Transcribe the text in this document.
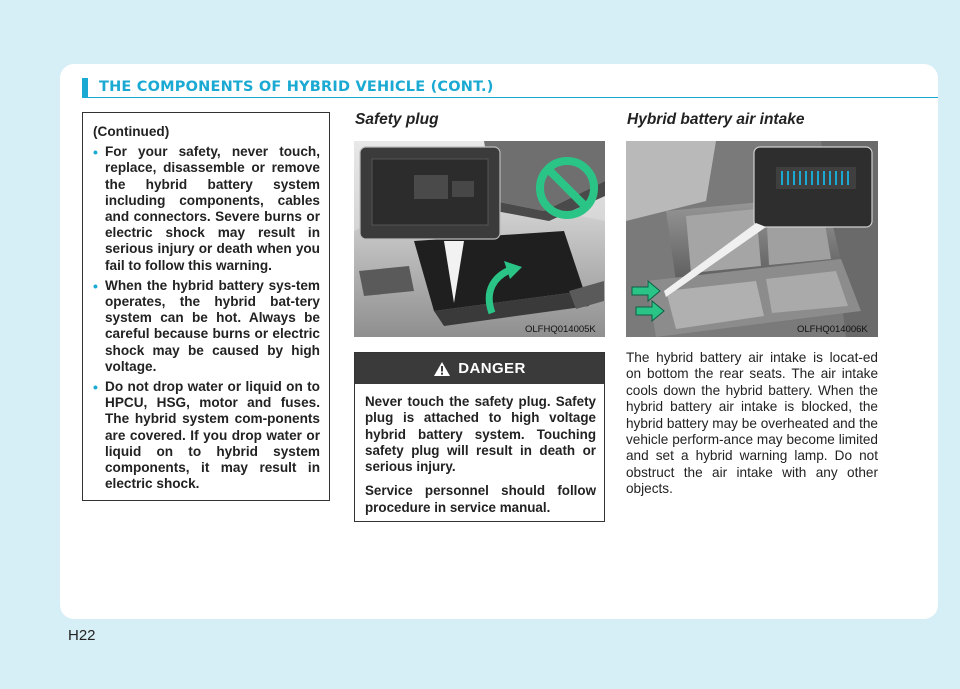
THE COMPONENTS OF HYBRID VEHICLE (CONT.)
(Continued)
• For your safety, never touch, replace, disassemble or remove the hybrid battery system including components, cables and connectors. Severe burns or electric shock may result in serious injury or death when you fail to follow this warning.
• When the hybrid battery sys-tem operates, the hybrid bat-tery system can be hot. Always be careful because burns or electric shock may be caused by high voltage.
• Do not drop water or liquid on to HPCU, HSG, motor and fuses. The hybrid system com-ponents are covered. If you drop water or liquid on to hybrid system components, it may result in electric shock.
Safety plug
OLFHQ014005K
DANGER

Never touch the safety plug. Safety plug is attached to high voltage hybrid battery system. Touching safety plug will result in death or serious injury.

Service personnel should follow procedure in service manual.

Hybrid battery air intake
OLFHQ014006K
The hybrid battery air intake is locat-ed on bottom the rear seats. The air intake cools down the hybrid battery. When the hybrid battery air intake is blocked, the hybrid battery may be overheated and the vehicle perform-ance may become limited and set a hybrid warning lamp. Do not obstruct the air intake with any other objects.
H22
